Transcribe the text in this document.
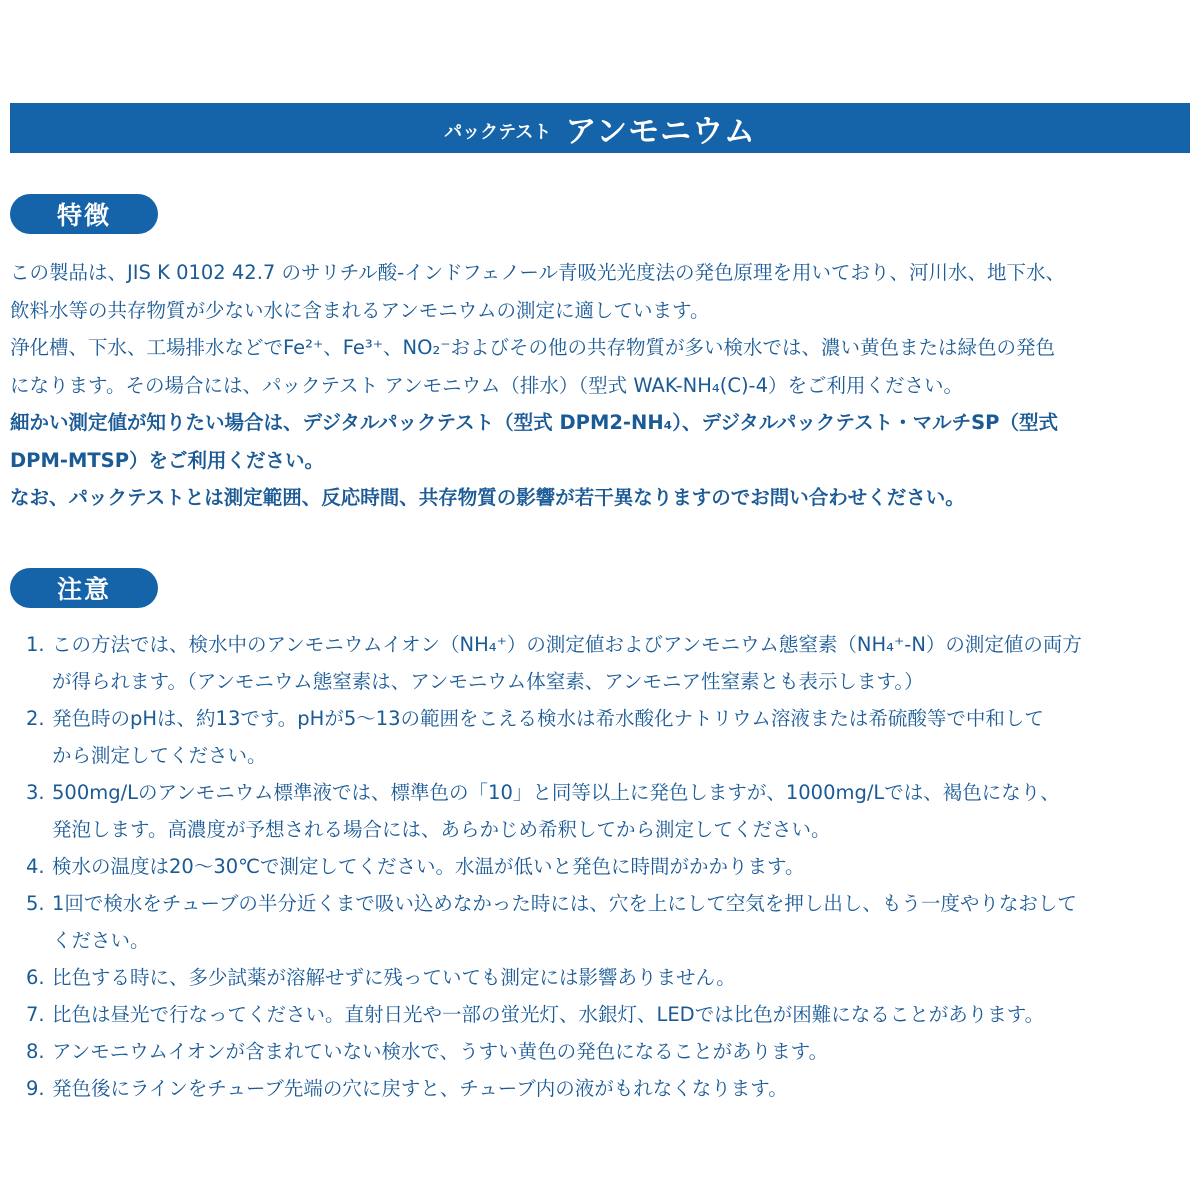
パックテスト アンモニウム
特徴
この製品は、JIS K 0102 42.7 のサリチル酸-インドフェノール青吸光光度法の発色原理を用いており、河川水、地下水、
飲料水等の共存物質が少ない水に含まれるアンモニウムの測定に適しています。
浄化槽、下水、工場排水などでFe²⁺、Fe³⁺、NO₂⁻およびその他の共存物質が多い検水では、濃い黄色または緑色の発色
になります。その場合には、パックテスト アンモニウム（排水）（型式 WAK-NH₄(C)-4）をご利用ください。
細かい測定値が知りたい場合は、デジタルパックテスト（型式 DPM2-NH₄）、デジタルパックテスト・マルチSP（型式
DPM-MTSP）をご利用ください。
なお、パックテストとは測定範囲、反応時間、共存物質の影響が若干異なりますのでお問い合わせください。
注意
1. この方法では、検水中のアンモニウムイオン（NH₄⁺）の測定値およびアンモニウム態窒素（NH₄⁺-N）の測定値の両方
が得られます。（アンモニウム態窒素は、アンモニウム体窒素、アンモニア性窒素とも表示します。）
2. 発色時のpHは、約13です。pHが5～13の範囲をこえる検水は希水酸化ナトリウム溶液または希硫酸等で中和して
から測定してください。
3. 500mg/Lのアンモニウム標準液では、標準色の「10」と同等以上に発色しますが、1000mg/Lでは、褐色になり、
発泡します。高濃度が予想される場合には、あらかじめ希釈してから測定してください。
4. 検水の温度は20～30℃で測定してください。水温が低いと発色に時間がかかります。
5. 1回で検水をチューブの半分近くまで吸い込めなかった時には、穴を上にして空気を押し出し、もう一度やりなおして
ください。
6. 比色する時に、多少試薬が溶解せずに残っていても測定には影響ありません。
7. 比色は昼光で行なってください。直射日光や一部の蛍光灯、水銀灯、LEDでは比色が困難になることがあります。
8. アンモニウムイオンが含まれていない検水で、うすい黄色の発色になることがあります。
9. 発色後にラインをチューブ先端の穴に戻すと、チューブ内の液がもれなくなります。
